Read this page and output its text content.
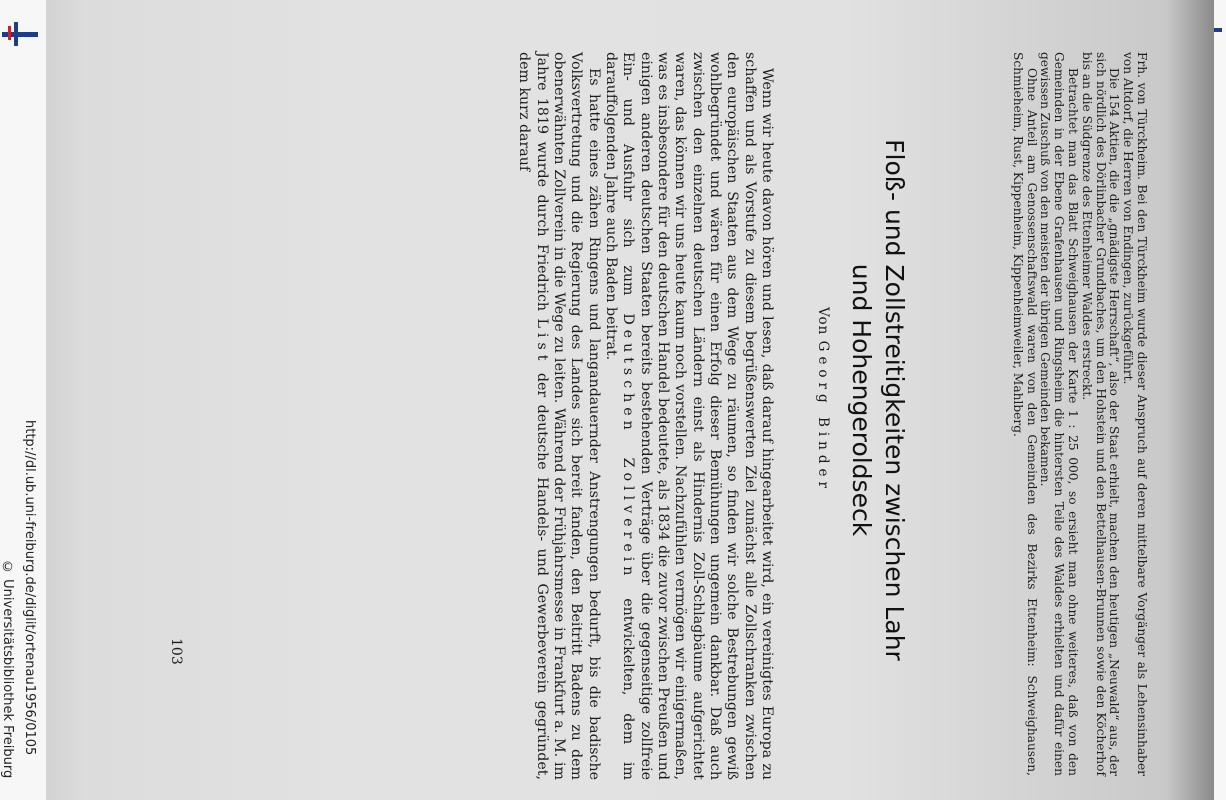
http://dl.ub.uni-freiburg.de/diglit/ortenau1956/0105
© Universitätsbibliothek Freiburg	Frh. von Türckheim. Bei den Türckheim wurde dieser Anspruch auf deren mittelbare Vorgänger als Lehensinhaber von Altdorf, die Herren von Endingen, zurückgeführt.

Die 154 Aktien, die die „gnädigste Herrschaft“, also der Staat erhielt, machen den heutigen „Neuwald“ aus, der sich nördlich des Dörlinbacher Grundbaches, um den Hohstein und den Bettelhausen-Brunnen sowie den Köcherhof bis an die Südgrenze des Ettenheimer Waldes erstreckt.

Betrachtet man das Blatt Schweighausen der Karte 1 : 25 000, so ersieht man ohne weiteres, daß von den Gemeinden in der Ebene Grafenhausen und Ringsheim die hintersten Teile des Waldes erhielten und dafür einen gewissen Zuschuß von den meisten der übrigen Gemeinden bekamen.

Ohne Anteil am Genossenschaftswald waren von den Gemeinden des Bezirks Ettenheim: Schweighausen, Schmieheim, Rust, Kippenheim, Kippenheimweiler, Mahlberg.

Floß- und Zollstreitigkeiten zwischen Lahr
und Hohengeroldseck
Von Georg Binder

Wenn wir heute davon hören und lesen, daß darauf hingearbeitet wird, ein vereinigtes Europa zu schaffen und als Vorstufe zu diesem begrüßenswerten Ziel zunächst alle Zollschranken zwischen den europäischen Staaten aus dem Wege zu räumen, so finden wir solche Bestrebungen gewiß wohlbegründet und wären für einen Erfolg dieser Bemühungen ungemein dankbar. Daß auch zwischen den einzelnen deutschen Ländern einst als Hindernis Zoll-Schlagbäume aufgerichtet waren, das können wir uns heute kaum noch vorstellen. Nachzufühlen vermögen wir einigermaßen, was es insbesondere für den deutschen Handel bedeutete, als 1834 die zuvor zwischen Preußen und einigen anderen deutschen Staaten bereits bestehenden Verträge über die gegenseitige zollfreie Ein- und Ausfuhr sich zum Deutschen Zollverein entwickelten, dem im darauffolgenden Jahre auch Baden beitrat.

Es hatte eines zähen Ringens und langandauernder Anstrengungen bedurft, bis die badische Volksvertretung und die Regierung des Landes sich bereit fanden, den Beitritt Badens zu dem obenerwähnten Zollverein in die Wege zu leiten. Während der Frühjahrsmesse in Frankfurt a. M. im Jahre 1819 wurde durch Friedrich List der deutsche Handels- und Gewerbeverein gegründet, dem kurz darauf

103
